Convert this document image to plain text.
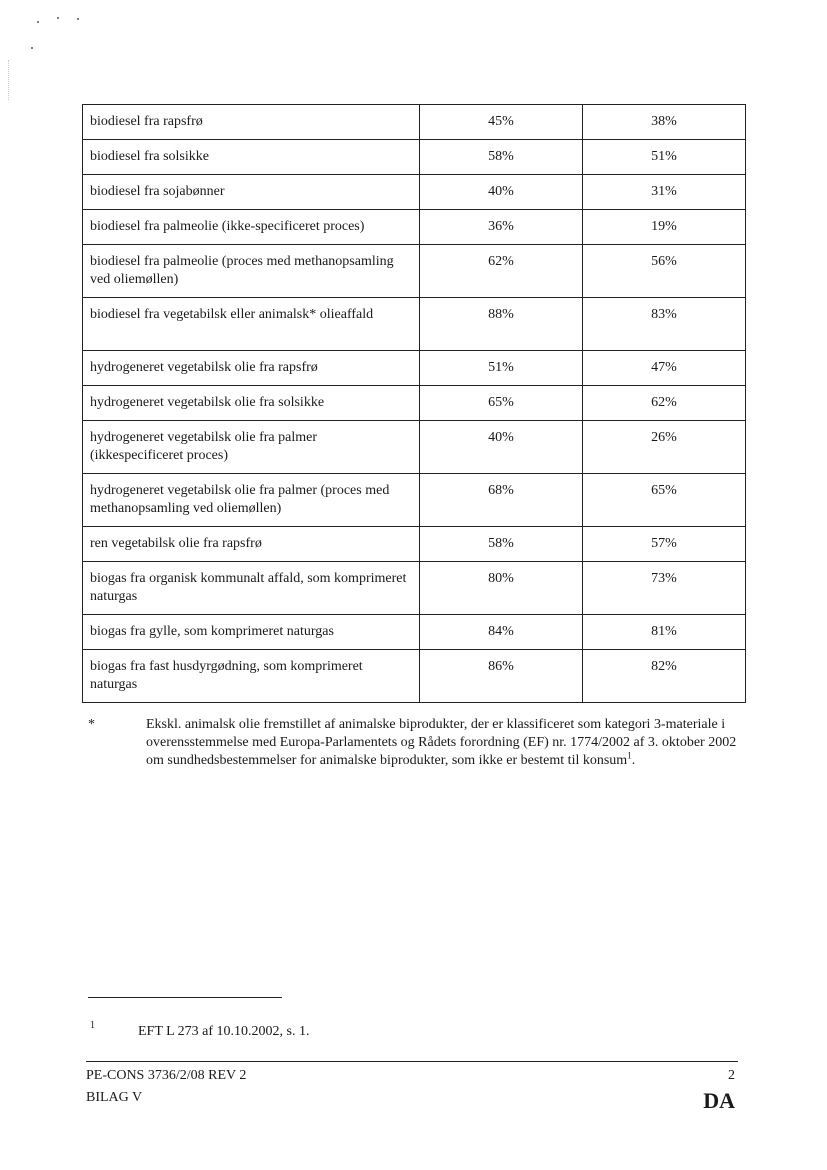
biodiesel fra rapsfrø	45%	38%
biodiesel fra solsikke	58%	51%
biodiesel fra sojabønner	40%	31%
biodiesel fra palmeolie (ikke-specificeret proces)	36%	19%
biodiesel fra palmeolie (proces med methanopsamling ved oliemøllen)	62%	56%
biodiesel fra vegetabilsk eller animalsk* olieaffald	88%	83%
hydrogeneret vegetabilsk olie fra rapsfrø	51%	47%
hydrogeneret vegetabilsk olie fra solsikke	65%	62%
hydrogeneret vegetabilsk olie fra palmer (ikkespecificeret proces)	40%	26%
hydrogeneret vegetabilsk olie fra palmer (proces med methanopsamling ved oliemøllen)	68%	65%
ren vegetabilsk olie fra rapsfrø	58%	57%
biogas fra organisk kommunalt affald, som komprimeret naturgas	80%	73%
biogas fra gylle, som komprimeret naturgas	84%	81%
biogas fra fast husdyrgødning, som komprimeret naturgas	86%	82%
*	Ekskl. animalsk olie fremstillet af animalske biprodukter, der er klassificeret som kategori 3-materiale i overensstemmelse med Europa-Parlamentets og Rådets forordning (EF) nr. 1774/2002 af 3. oktober 2002 om sundhedsbestemmelser for animalske biprodukter, som ikke er bestemt til konsum$^1$.
1	EFT L 273 af 10.10.2002, s. 1.
PE-CONS 3736/2/08 REV 2	2
BILAG V	DA
